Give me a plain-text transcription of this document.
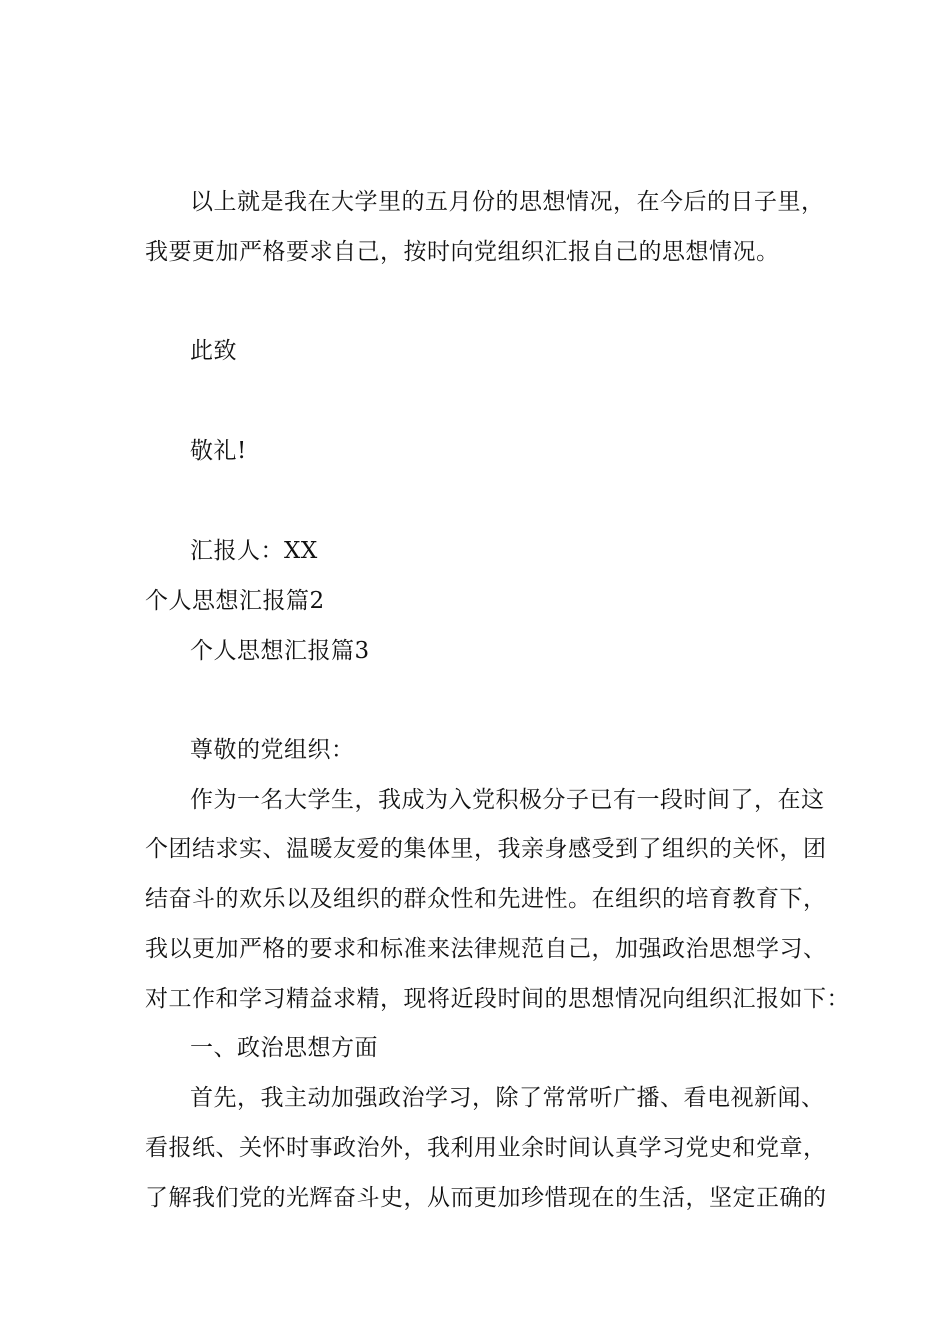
以上就是我在大学里的五月份的思想情况，在今后的日子里，
我要更加严格要求自己，按时向党组织汇报自己的思想情况。
此致
敬礼!
汇报人：XX
个人思想汇报篇2
个人思想汇报篇3
尊敬的党组织：
作为一名大学生，我成为入党积极分子已有一段时间了，在这
个团结求实、温暖友爱的集体里，我亲身感受到了组织的关怀，团
结奋斗的欢乐以及组织的群众性和先进性。在组织的培育教育下，
我以更加严格的要求和标准来法律规范自己，加强政治思想学习、
对工作和学习精益求精，现将近段时间的思想情况向组织汇报如下：
一、政治思想方面
首先，我主动加强政治学习，除了常常听广播、看电视新闻、
看报纸、关怀时事政治外，我利用业余时间认真学习党史和党章，
了解我们党的光辉奋斗史，从而更加珍惜现在的生活，坚定正确的
